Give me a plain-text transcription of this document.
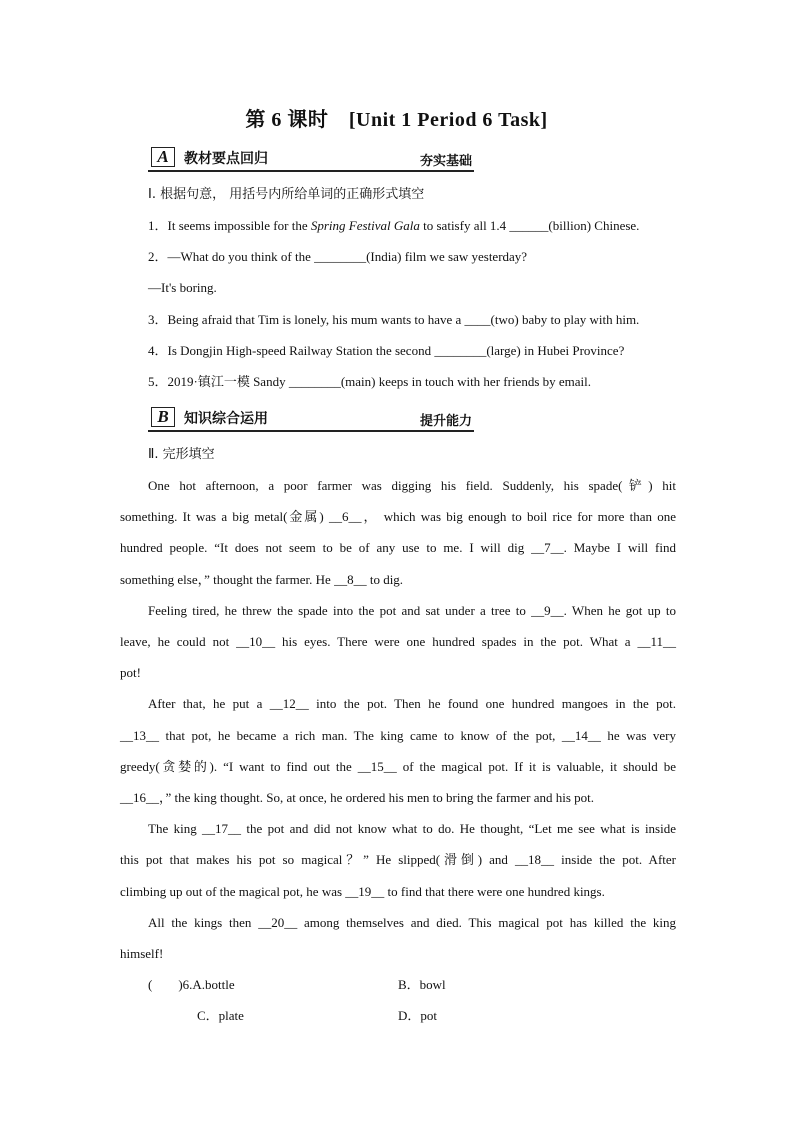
第 6 课时　[Unit 1 Period 6 Task]
A	教材要点回归	夯实基础
Ⅰ. 根据句意， 用括号内所给单词的正确形式填空
1．It seems impossible for the Spring Festival Gala to satisfy all 1.4 ______(billion) Chinese.
2．—What do you think of the ________(India) film we saw yesterday?
—It's boring.
3．Being afraid that Tim is lonely, his mum wants to have a ____(two) baby to play with him.
4．Is Dongjin High-speed Railway Station the second ________(large) in Hubei Province?
5．2019·镇江一模 Sandy ________(main) keeps in touch with her friends by email.
B	知识综合运用	提升能力
Ⅱ. 完形填空
One hot afternoon, a poor farmer was digging his field. Suddenly, his spade(铲) hit
something. It was a big metal(金属) __6__， which was big enough to boil rice for more than one
hundred people. “It does not seem to be of any use to me. I will dig __7__. Maybe I will find
something else，” thought the farmer. He __8__ to dig.
Feeling tired, he threw the spade into the pot and sat under a tree to __9__. When he got up to
leave, he could not __10__ his eyes. There were one hundred spades in the pot. What a __11__
pot!
After that, he put a __12__ into the pot. Then he found one hundred mangoes in the pot.
__13__ that pot, he became a rich man. The king came to know of the pot, __14__ he was very
greedy(贪婪的). “I want to find out the __15__ of the magical pot. If it is valuable, it should be
__16__，” the king thought. So, at once, he ordered his men to bring the farmer and his pot.
The king __17__ the pot and did not know what to do. He thought, “Let me see what is inside
this pot that makes his pot so magical？” He slipped(滑倒) and __18__ inside the pot. After
climbing up out of the magical pot, he was __19__ to find that there were one hundred kings.
All the kings then __20__ among themselves and died. This magical pot has killed the king
himself!
(　　)6.A.bottle	B．bowl
C．plate	D．pot
